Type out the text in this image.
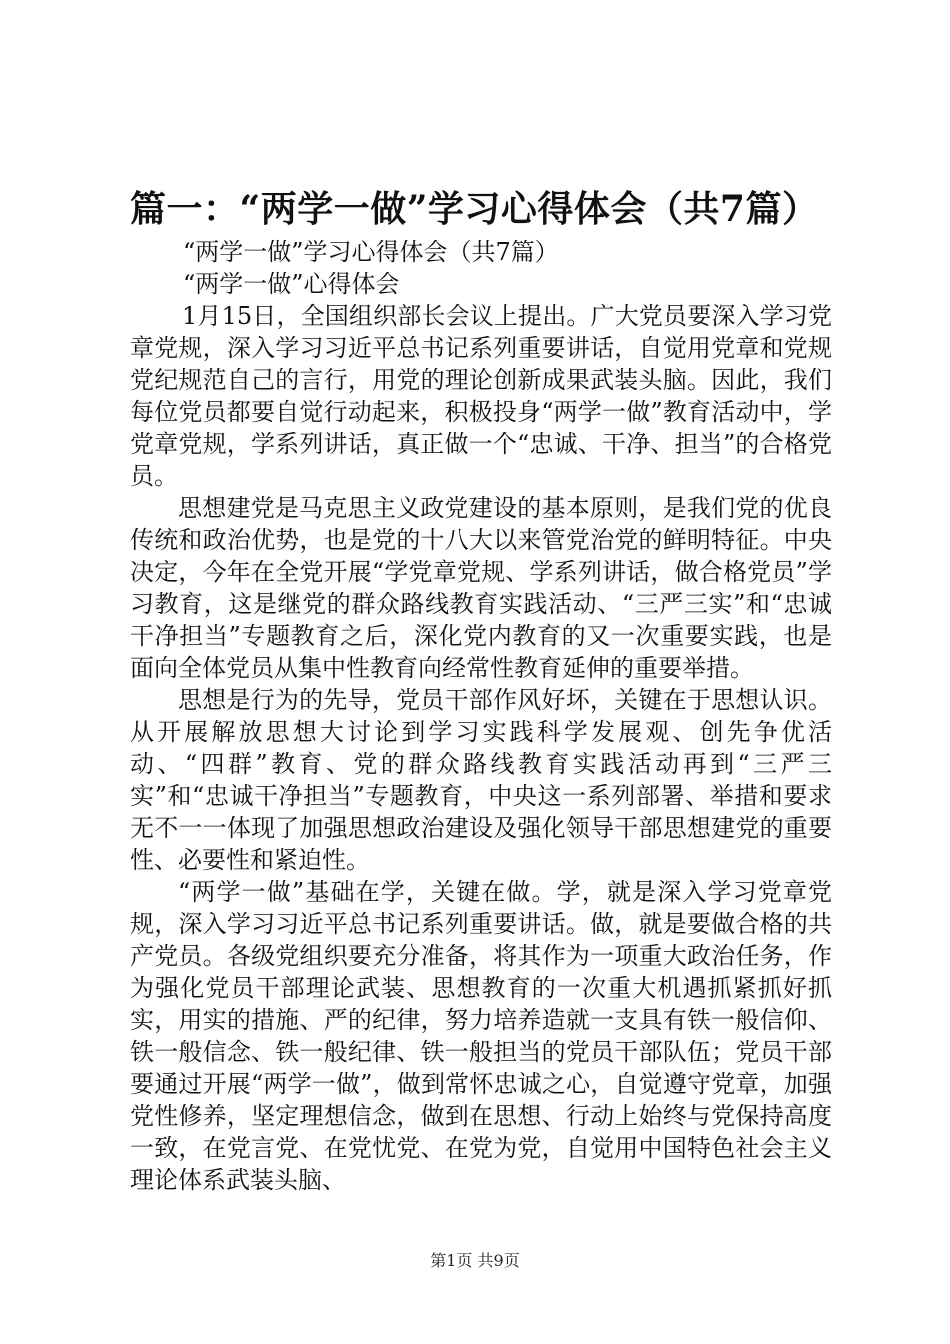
篇一：“两学一做”学习心得体会（共7篇）

“两学一做”学习心得体会（共7篇）

“两学一做”心得体会

1月15日，全国组织部长会议上提出。广大党员要深入学习党章党规，深入学习习近平总书记系列重要讲话，自觉用党章和党规党纪规范自己的言行，用党的理论创新成果武装头脑。因此，我们每位党员都要自觉行动起来，积极投身“两学一做”教育活动中，学党章党规，学系列讲话，真正做一个“忠诚、干净、担当”的合格党员。

思想建党是马克思主义政党建设的基本原则，是我们党的优良传统和政治优势，也是党的十八大以来管党治党的鲜明特征。中央决定，今年在全党开展“学党章党规、学系列讲话，做合格党员”学习教育，这是继党的群众路线教育实践活动、“三严三实”和“忠诚干净担当”专题教育之后，深化党内教育的又一次重要实践，也是面向全体党员从集中性教育向经常性教育延伸的重要举措。

思想是行为的先导，党员干部作风好坏，关键在于思想认识。从开展解放思想大讨论到学习实践科学发展观、创先争优活动、“四群”教育、党的群众路线教育实践活动再到“三严三实”和“忠诚干净担当”专题教育，中央这一系列部署、举措和要求无不一一体现了加强思想政治建设及强化领导干部思想建党的重要性、必要性和紧迫性。

“两学一做”基础在学，关键在做。学，就是深入学习党章党规，深入学习习近平总书记系列重要讲话。做，就是要做合格的共产党员。各级党组织要充分准备，将其作为一项重大政治任务，作为强化党员干部理论武装、思想教育的一次重大机遇抓紧抓好抓实，用实的措施、严的纪律，努力培养造就一支具有铁一般信仰、铁一般信念、铁一般纪律、铁一般担当的党员干部队伍；党员干部要通过开展“两学一做”，做到常怀忠诚之心，自觉遵守党章，加强党性修养，坚定理想信念，做到在思想、行动上始终与党保持高度一致，在党言党、在党忧党、在党为党，自觉用中国特色社会主义理论体系武装头脑、

第1页 共9页
